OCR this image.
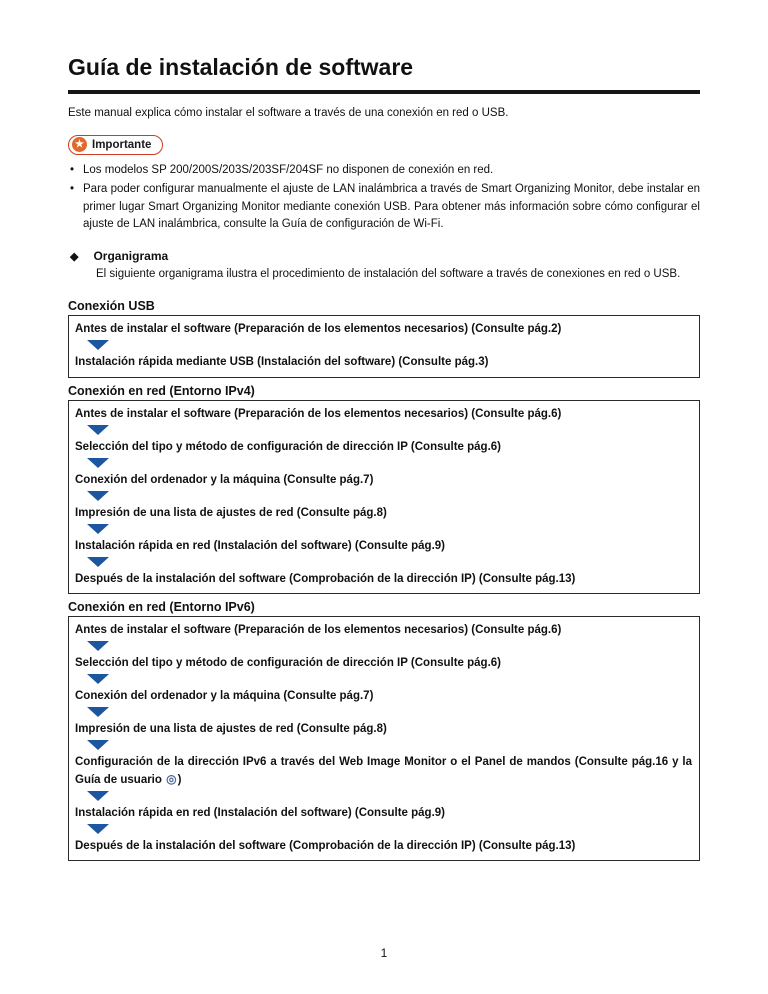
Guía de instalación de software

Este manual explica cómo instalar el software a través de una conexión en red o USB.

★ Importante
• Los modelos SP 200/200S/203S/203SF/204SF no disponen de conexión en red.
• Para poder configurar manualmente el ajuste de LAN inalámbrica a través de Smart Organizing Monitor, debe instalar en primer lugar Smart Organizing Monitor mediante conexión USB. Para obtener más información sobre cómo configurar el ajuste de LAN inalámbrica, consulte la Guía de configuración de Wi-Fi.
◆ Organigrama

El siguiente organigrama ilustra el procedimiento de instalación del software a través de conexiones en red o USB.

Conexión USB
Antes de instalar el software (Preparación de los elementos necesarios) (Consulte pág.2)
Instalación rápida mediante USB (Instalación del software) (Consulte pág.3)
Conexión en red (Entorno IPv4)
Antes de instalar el software (Preparación de los elementos necesarios) (Consulte pág.6)
Selección del tipo y método de configuración de dirección IP (Consulte pág.6)
Conexión del ordenador y la máquina (Consulte pág.7)
Impresión de una lista de ajustes de red (Consulte pág.8)
Instalación rápida en red (Instalación del software) (Consulte pág.9)
Después de la instalación del software (Comprobación de la dirección IP) (Consulte pág.13)
Conexión en red (Entorno IPv6)
Antes de instalar el software (Preparación de los elementos necesarios) (Consulte pág.6)
Selección del tipo y método de configuración de dirección IP (Consulte pág.6)
Conexión del ordenador y la máquina (Consulte pág.7)
Impresión de una lista de ajustes de red (Consulte pág.8)
Configuración de la dirección IPv6 a través del Web Image Monitor o el Panel de mandos (Consulte pág.16 y la Guía de usuario ◎)
Instalación rápida en red (Instalación del software) (Consulte pág.9)
Después de la instalación del software (Comprobación de la dirección IP) (Consulte pág.13)
1
